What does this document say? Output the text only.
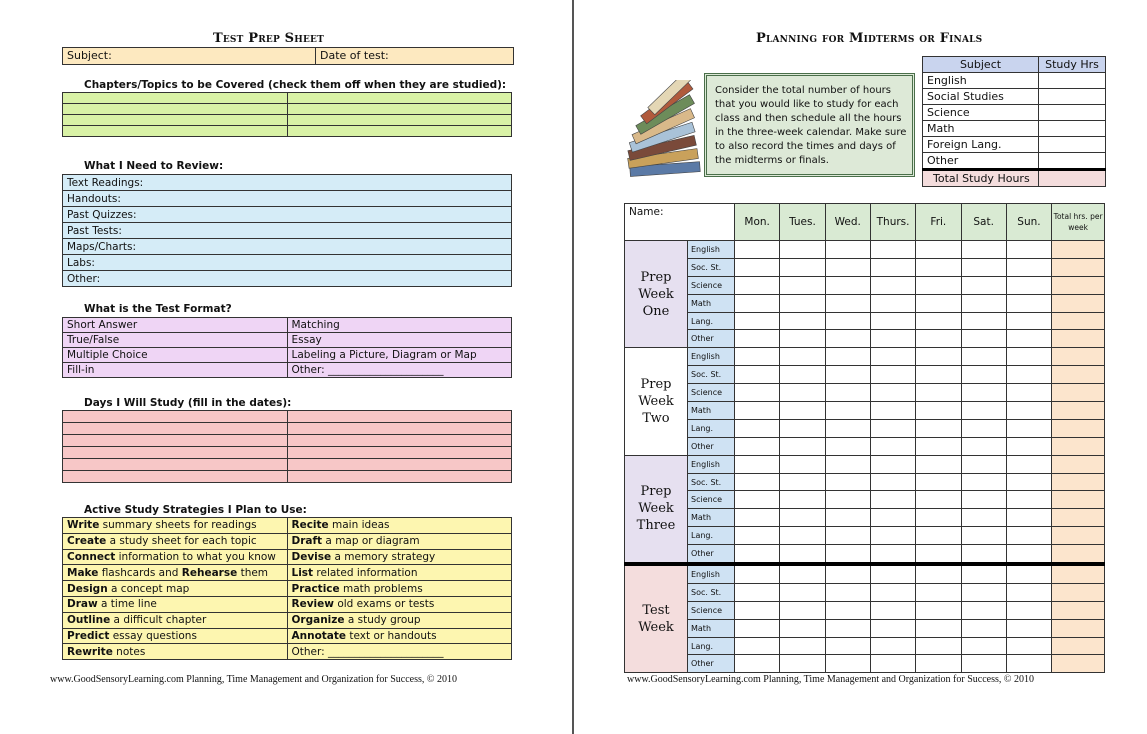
Test Prep Sheet
Subject:	Date of test:
Chapters/Topics to be Covered (check them off when they are studied):

What I Need to Review:
Text Readings:
Handouts:
Past Quizzes:
Past Tests:
Maps/Charts:
Labs:
Other:
What is the Test Format?
Short Answer	Matching
True/False	Essay
Multiple Choice	Labeling a Picture, Diagram or Map
Fill-in	Other: ______________________
Days I Will Study (fill in the dates):

Active Study Strategies I Plan to Use:
Write summary sheets for readings	Recite main ideas
Create a study sheet for each topic	Draft a map or diagram
Connect information to what you know	Devise a memory strategy
Make flashcards and Rehearse them	List related information
Design a concept map	Practice math problems
Draw a time line	Review old exams or tests
Outline a difficult chapter	Organize a study group
Predict essay questions	Annotate text or handouts
Rewrite notes	Other: ______________________
www.GoodSensoryLearning.com Planning, Time Management and Organization for Success, © 2010
Planning for Midterms or Finals
Consider the total number of hours that you would like to study for each class and then schedule all the hours in the three-week calendar. Make sure to also record the times and days of the midterms or finals.
Subject	Study Hrs
English	
Social Studies	
Science	
Math	
Foreign Lang.	
Other	
Total Study Hours	
Name:		Mon.	Tues.	Wed.	Thurs.	Fri.	Sat.	Sun.	Total hrs. per week
Prep Week One	English								
	Soc. St.								
	Science								
	Math								
	Lang.								
	Other								
Prep Week Two	English								
	Soc. St.								
	Science								
	Math								
	Lang.								
	Other								
Prep Week Three	English								
	Soc. St.								
	Science								
	Math								
	Lang.								
	Other								
Test Week	English								
	Soc. St.								
	Science								
	Math								
	Lang.								
	Other								
www.GoodSensoryLearning.com Planning, Time Management and Organization for Success, © 2010
